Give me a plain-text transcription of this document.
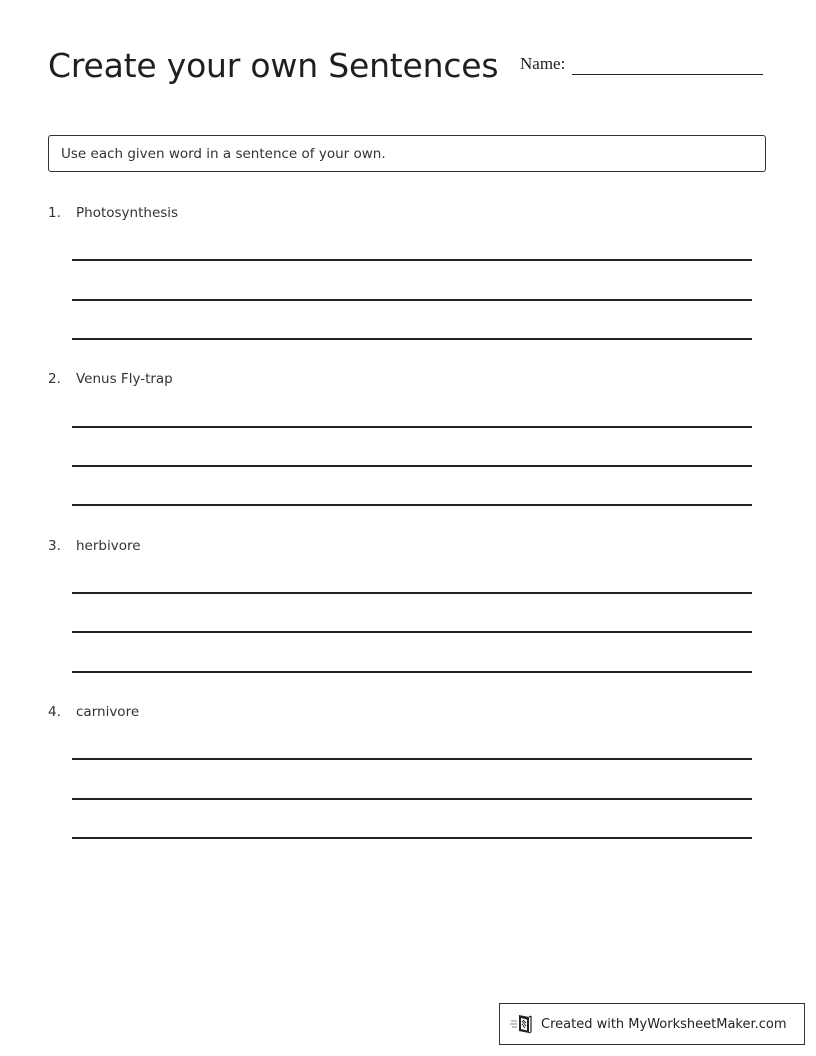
Create your own Sentences Name:
Use each given word in a sentence of your own.
1.	Photosynthesis
2.	Venus Fly-trap
3.	herbivore
4.	carnivore
Created with MyWorksheetMaker.com
